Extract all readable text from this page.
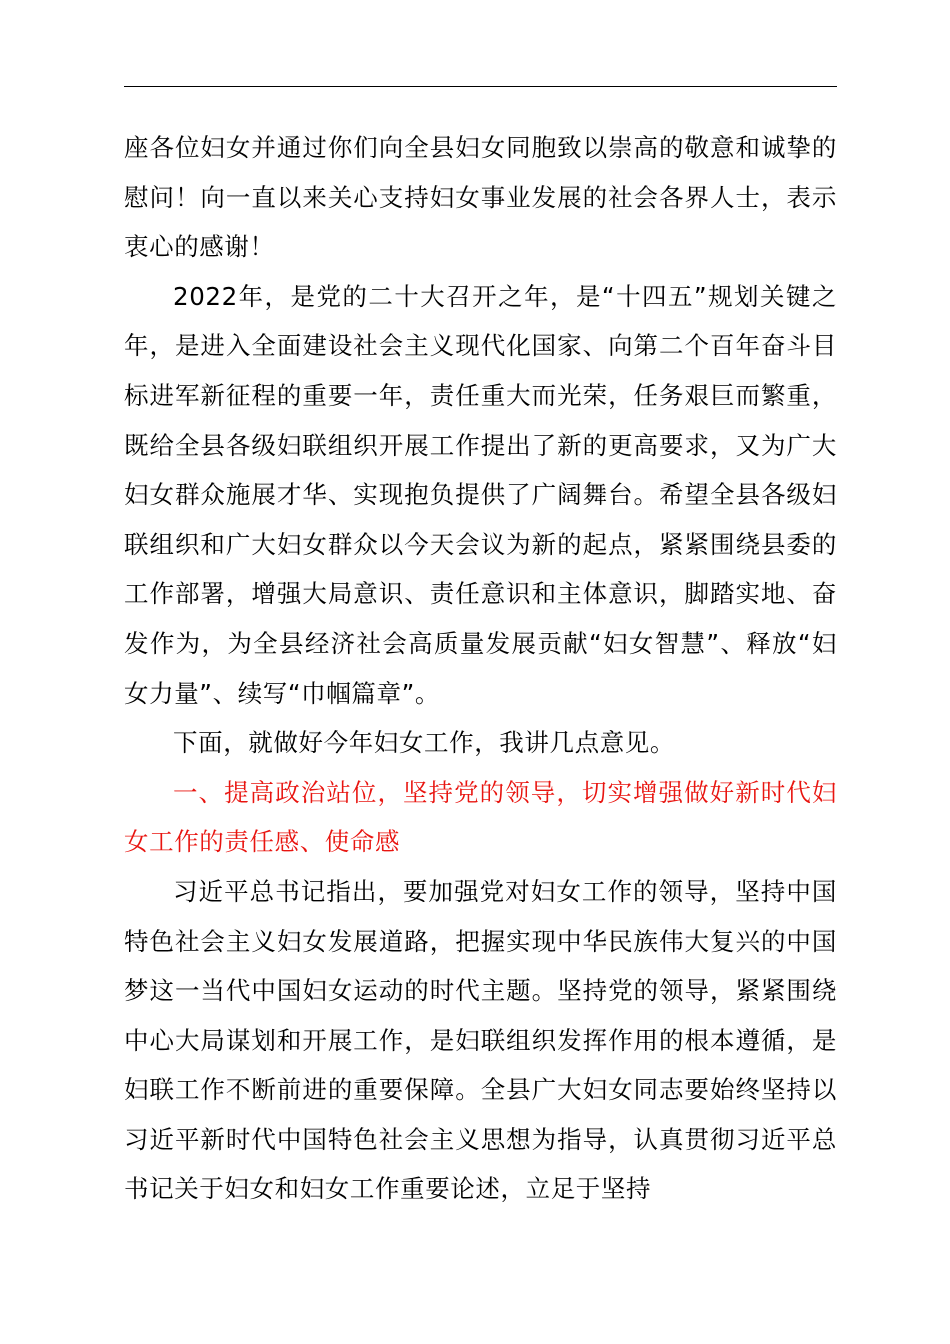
座各位妇女并通过你们向全县妇女同胞致以崇高的敬意和诚挚的慰问！向一直以来关心支持妇女事业发展的社会各界人士，表示衷心的感谢！

2022年，是党的二十大召开之年，是“十四五”规划关键之年，是进入全面建设社会主义现代化国家、向第二个百年奋斗目标进军新征程的重要一年，责任重大而光荣，任务艰巨而繁重，既给全县各级妇联组织开展工作提出了新的更高要求，又为广大妇女群众施展才华、实现抱负提供了广阔舞台。希望全县各级妇联组织和广大妇女群众以今天会议为新的起点，紧紧围绕县委的工作部署，增强大局意识、责任意识和主体意识，脚踏实地、奋发作为，为全县经济社会高质量发展贡献“妇女智慧”、释放“妇女力量”、续写“巾帼篇章”。

下面，就做好今年妇女工作，我讲几点意见。

一、提高政治站位，坚持党的领导，切实增强做好新时代妇女工作的责任感、使命感

习近平总书记指出，要加强党对妇女工作的领导，坚持中国特色社会主义妇女发展道路，把握实现中华民族伟大复兴的中国梦这一当代中国妇女运动的时代主题。坚持党的领导，紧紧围绕中心大局谋划和开展工作，是妇联组织发挥作用的根本遵循，是妇联工作不断前进的重要保障。全县广大妇女同志要始终坚持以习近平新时代中国特色社会主义思想为指导，认真贯彻习近平总书记关于妇女和妇女工作重要论述，立足于坚持
